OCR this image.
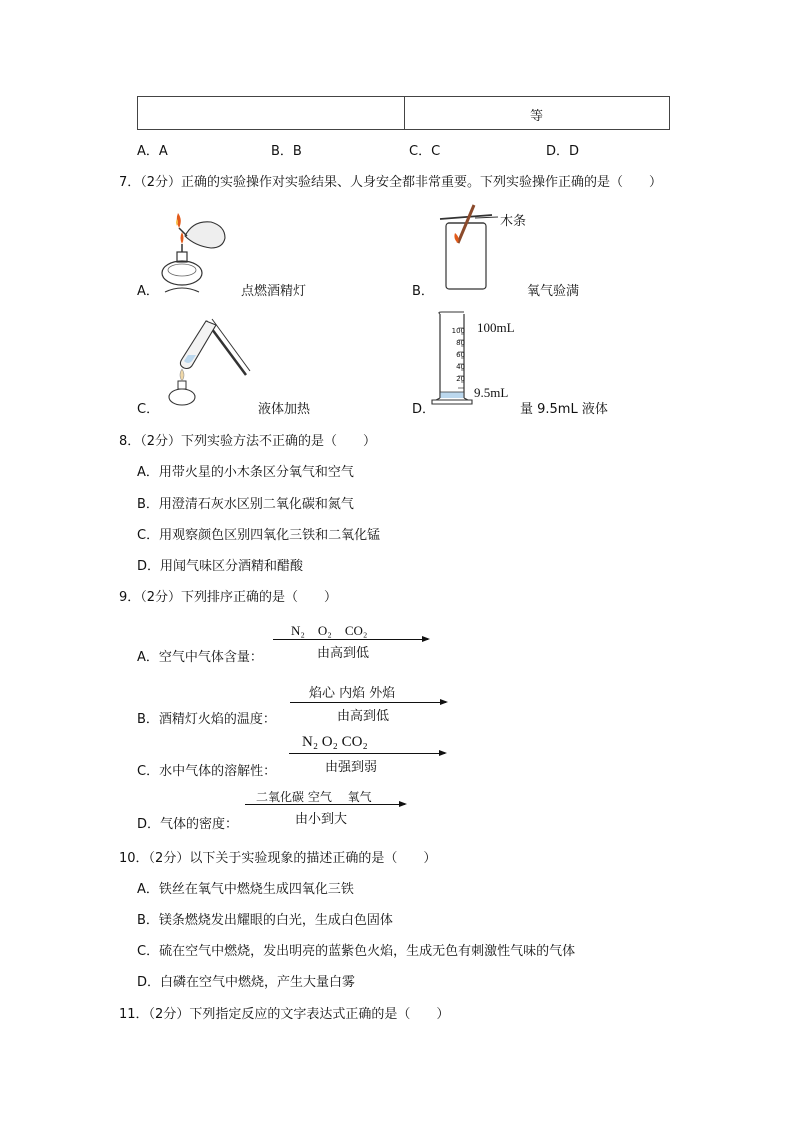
等
A．A	B．B	C．C	D．D
7．（2分）正确的实验操作对实验结果、人身安全都非常重要。下列实验操作正确的是（　　）
A．	点燃酒精灯
木条
B．	氧气验满
C．	液体加热
100
80
60
40
20
100mL
9.5mL
D．	量 9.5mL 液体
8．（2分）下列实验方法不正确的是（　　）
A．用带火星的小木条区分氧气和空气
B．用澄清石灰水区别二氧化碳和氮气
C．用观察颜色区别四氧化三铁和二氧化锰
D．用闻气味区分酒精和醋酸
9．（2分）下列排序正确的是（　　）
N₂　O₂　CO₂
A．空气中气体含量：	由高到低
焰心 内焰 外焰
B．酒精灯火焰的温度：	由高到低
N₂ O₂ CO₂
C．水中气体的溶解性：	由强到弱
二氧化碳 空气　 氧气
D．气体的密度：	由小到大
10．（2分）以下关于实验现象的描述正确的是（　　）
A．铁丝在氧气中燃烧生成四氧化三铁
B．镁条燃烧发出耀眼的白光，生成白色固体
C．硫在空气中燃烧，发出明亮的蓝紫色火焰，生成无色有刺激性气味的气体
D．白磷在空气中燃烧，产生大量白雾
11．（2分）下列指定反应的文字表达式正确的是（　　）
